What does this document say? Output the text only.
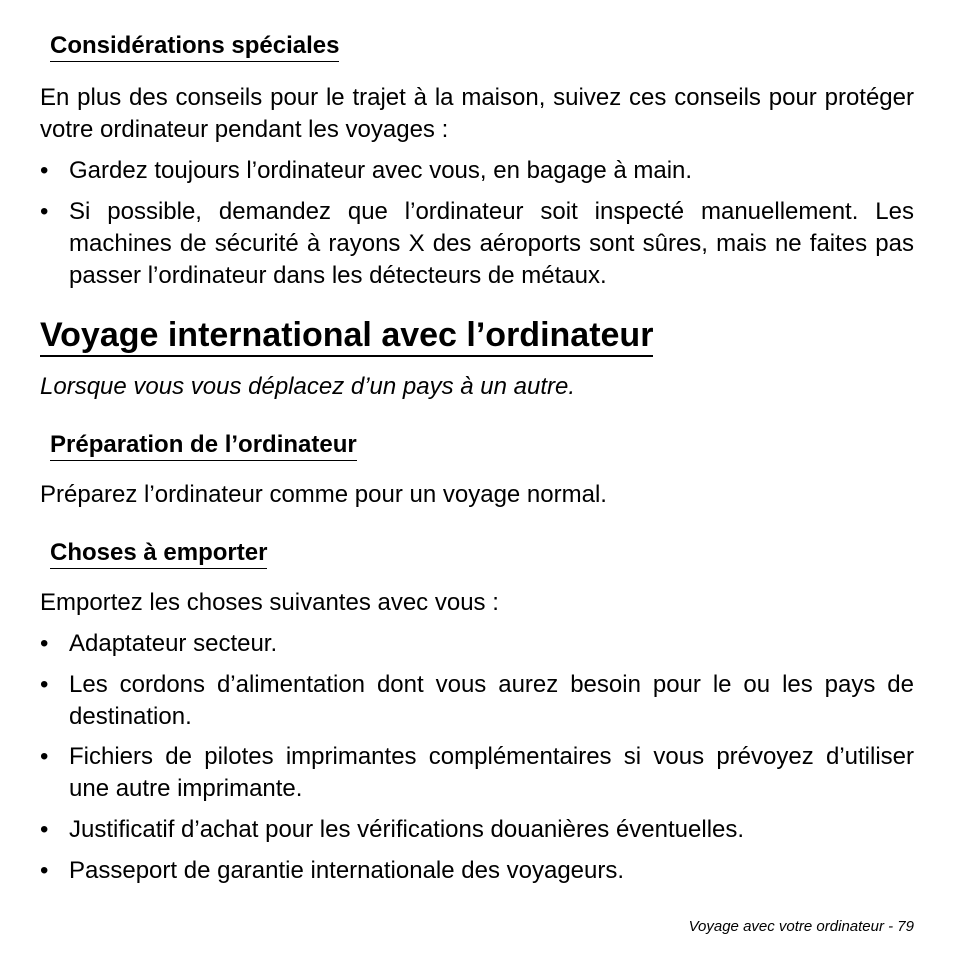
Considérations spéciales
En plus des conseils pour le trajet à la maison, suivez ces conseils pour protéger votre ordinateur pendant les voyages :
• Gardez toujours l’ordinateur avec vous, en bagage à main.
• Si possible, demandez que l’ordinateur soit inspecté manuellement. Les machines de sécurité à rayons X des aéroports sont sûres, mais ne faites pas passer l’ordinateur dans les détecteurs de métaux.
Voyage international avec l’ordinateur
Lorsque vous vous déplacez d’un pays à un autre.
Préparation de l’ordinateur
Préparez l’ordinateur comme pour un voyage normal.
Choses à emporter
Emportez les choses suivantes avec vous :
• Adaptateur secteur.
• Les cordons d’alimentation dont vous aurez besoin pour le ou les pays de destination.
• Fichiers de pilotes imprimantes complémentaires si vous prévoyez d’utiliser une autre imprimante.
• Justificatif d’achat pour les vérifications douanières éventuelles.
• Passeport de garantie internationale des voyageurs.
Voyage avec votre ordinateur - 79
